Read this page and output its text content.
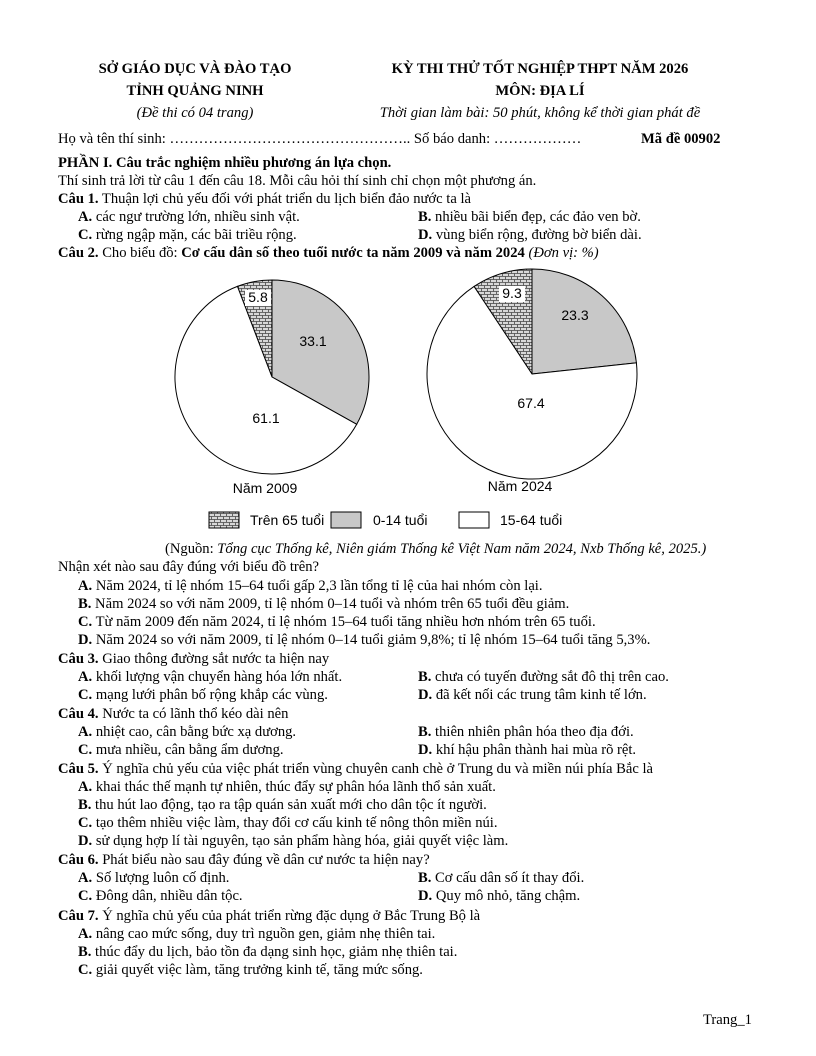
SỞ GIÁO DỤC VÀ ĐÀO TẠO
TỈNH QUẢNG NINH
(Đề thi có 04 trang)
KỲ THI THỬ TỐT NGHIỆP THPT NĂM 2026
MÔN: ĐỊA LÍ
Thời gian làm bài: 50 phút, không kể thời gian phát đề
Họ và tên thí sinh: ………………………………………….. Số báo danh: ………………	Mã đề 00902
PHẦN I. Câu trắc nghiệm nhiều phương án lựa chọn.
Thí sinh trả lời từ câu 1 đến câu 18. Mỗi câu hỏi thí sinh chỉ chọn một phương án.
Câu 1. Thuận lợi chủ yếu đối với phát triển du lịch biển đảo nước ta là
A. các ngư trường lớn, nhiều sinh vật.	B. nhiều bãi biển đẹp, các đảo ven bờ.
C. rừng ngập mặn, các bãi triều rộng.	D. vùng biển rộng, đường bờ biển dài.
Câu 2. Cho biểu đồ: Cơ cấu dân số theo tuổi nước ta năm 2009 và năm 2024 (Đơn vị: %)
5.8
33.1
61.1
9.3
23.3
67.4
Năm 2009	Năm 2024
Trên 65 tuổi	0-14 tuổi	15-64 tuổi
(Nguồn: Tổng cục Thống kê, Niên giám Thống kê Việt Nam năm 2024, Nxb Thống kê, 2025.)
Nhận xét nào sau đây đúng với biểu đồ trên?
A. Năm 2024, tỉ lệ nhóm 15–64 tuổi gấp 2,3 lần tổng tỉ lệ của hai nhóm còn lại.
B. Năm 2024 so với năm 2009, tỉ lệ nhóm 0–14 tuổi và nhóm trên 65 tuổi đều giảm.
C. Từ năm 2009 đến năm 2024, tỉ lệ nhóm 15–64 tuổi tăng nhiều hơn nhóm trên 65 tuổi.
D. Năm 2024 so với năm 2009, tỉ lệ nhóm 0–14 tuổi giảm 9,8%; tỉ lệ nhóm 15–64 tuổi tăng 5,3%.
Câu 3. Giao thông đường sắt nước ta hiện nay
A. khối lượng vận chuyển hàng hóa lớn nhất.	B. chưa có tuyến đường sắt đô thị trên cao.
C. mạng lưới phân bố rộng khắp các vùng.	D. đã kết nối các trung tâm kinh tế lớn.
Câu 4. Nước ta có lãnh thổ kéo dài nên
A. nhiệt cao, cân bằng bức xạ dương.	B. thiên nhiên phân hóa theo địa đới.
C. mưa nhiều, cân bằng ẩm dương.	D. khí hậu phân thành hai mùa rõ rệt.
Câu 5. Ý nghĩa chủ yếu của việc phát triển vùng chuyên canh chè ở Trung du và miền núi phía Bắc là
A. khai thác thế mạnh tự nhiên, thúc đẩy sự phân hóa lãnh thổ sản xuất.
B. thu hút lao động, tạo ra tập quán sản xuất mới cho dân tộc ít người.
C. tạo thêm nhiều việc làm, thay đổi cơ cấu kinh tế nông thôn miền núi.
D. sử dụng hợp lí tài nguyên, tạo sản phẩm hàng hóa, giải quyết việc làm.
Câu 6. Phát biểu nào sau đây đúng về dân cư nước ta hiện nay?
A. Số lượng luôn cố định.	B. Cơ cấu dân số ít thay đổi.
C. Đông dân, nhiều dân tộc.	D. Quy mô nhỏ, tăng chậm.
Câu 7. Ý nghĩa chủ yếu của phát triển rừng đặc dụng ở Bắc Trung Bộ là
A. nâng cao mức sống, duy trì nguồn gen, giảm nhẹ thiên tai.
B. thúc đẩy du lịch, bảo tồn đa dạng sinh học, giảm nhẹ thiên tai.
C. giải quyết việc làm, tăng trưởng kinh tế, tăng mức sống.
Trang_1
